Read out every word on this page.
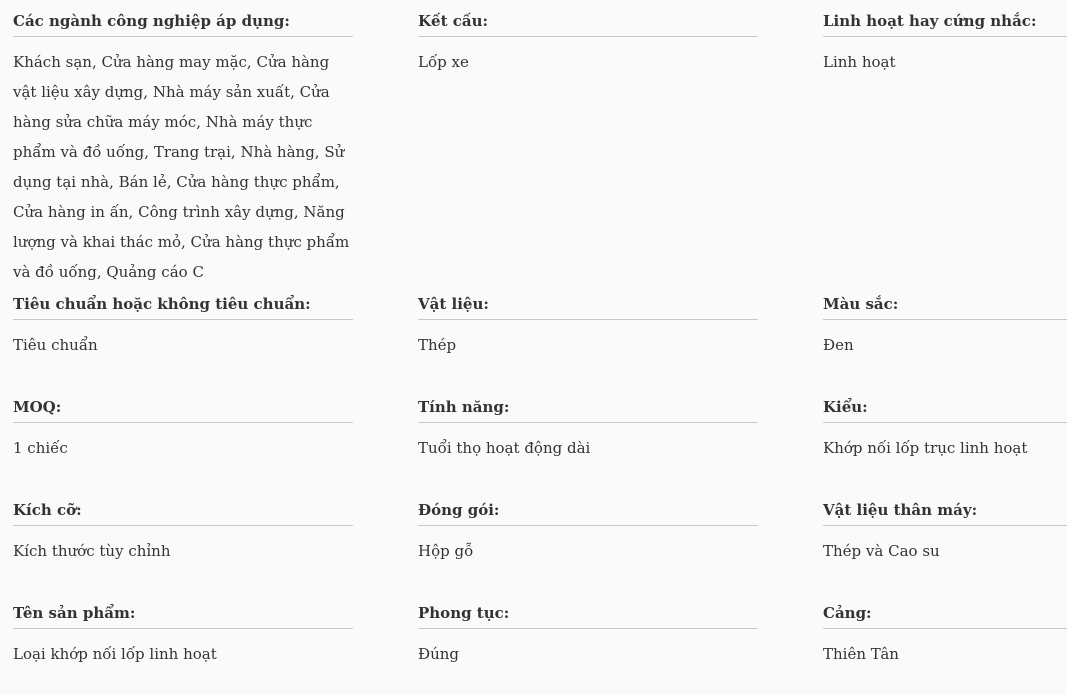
Các ngành công nghiệp áp dụng:
Khách sạn, Cửa hàng may mặc, Cửa hàng vật liệu xây dựng, Nhà máy sản xuất, Cửa hàng sửa chữa máy móc, Nhà máy thực phẩm và đồ uống, Trang trại, Nhà hàng, Sử dụng tại nhà, Bán lẻ, Cửa hàng thực phẩm, Cửa hàng in ấn, Công trình xây dựng, Năng lượng và khai thác mỏ, Cửa hàng thực phẩm và đồ uống, Quảng cáo C
Kết cấu:
Lốp xe
Linh hoạt hay cứng nhắc:
Linh hoạt
Tiêu chuẩn hoặc không tiêu chuẩn:
Tiêu chuẩn
Vật liệu:
Thép
Màu sắc:
Đen
MOQ:
1 chiếc
Tính năng:
Tuổi thọ hoạt động dài
Kiểu:
Khớp nối lốp trục linh hoạt
Kích cỡ:
Kích thước tùy chỉnh
Đóng gói:
Hộp gỗ
Vật liệu thân máy:
Thép và Cao su
Tên sản phẩm:
Loại khớp nối lốp linh hoạt
Phong tục:
Đúng
Cảng:
Thiên Tân
